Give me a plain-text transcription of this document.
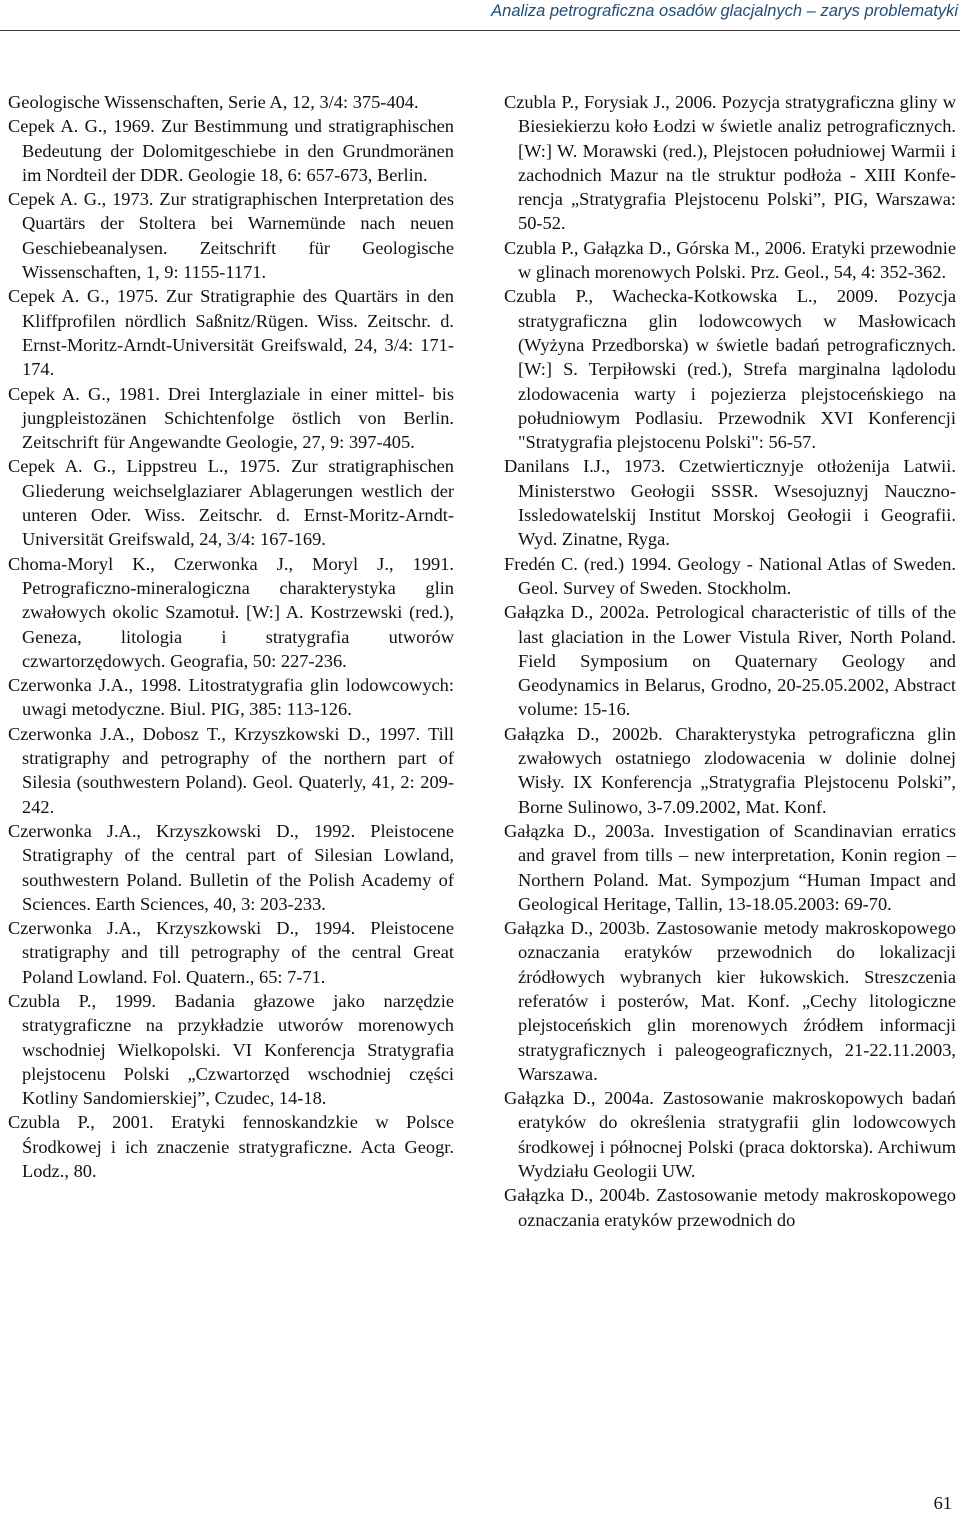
Analiza petrograficzna osadów glacjalnych – zarys problematyki

Geologische Wissenschaften, Serie A, 12, 3/4: 375-404.

Cepek A. G., 1969. Zur Bestimmung und stratigraphischen Bedeutung der Dolomitgeschiebe in den Grundmoränen im Nordteil der DDR. Geologie 18, 6: 657-673, Berlin.

Cepek A. G., 1973. Zur stratigraphischen Interpretation des Quartärs der Stoltera bei Warnemünde nach neuen Geschiebeanalysen. Zeitschrift für Geologische Wissenschaften, 1, 9: 1155-1171.

Cepek A. G., 1975. Zur Stratigraphie des Quartärs in den Kliffprofilen nördlich Saßnitz/Rügen. Wiss. Zeitschr. d. Ernst-Moritz-Arndt-Universität Greifswald, 24, 3/4: 171-174.

Cepek A. G., 1981. Drei Interglaziale in einer mittel- bis jungpleistozänen Schichtenfolge östlich von Berlin. Zeitschrift für Angewandte Geologie, 27, 9: 397-405.

Cepek A. G., Lippstreu L., 1975. Zur stratigraphischen Gliederung weichselglaziarer Ablagerungen westlich der unteren Oder. Wiss. Zeitschr. d. Ernst-Moritz-Arndt-Universität Greifswald, 24, 3/4: 167-169.

Choma-Moryl K., Czerwonka J., Moryl J., 1991. Petrograficzno-mineralogiczna charakterystyka glin zwałowych okolic Szamotuł. [W:] A. Kostrzewski (red.), Geneza, litologia i stratygrafia utworów czwartorzędowych. Geografia, 50: 227-236.

Czerwonka J.A., 1998. Litostratygrafia glin lodowcowych: uwagi metodyczne. Biul. PIG, 385: 113-126.

Czerwonka J.A., Dobosz T., Krzyszkowski D., 1997. Till stratigraphy and petrography of the northern part of Silesia (southwestern Poland). Geol. Quaterly, 41, 2: 209-242.

Czerwonka J.A., Krzyszkowski D., 1992. Pleistocene Stratigraphy of the central part of Silesian Lowland, southwestern Poland. Bulletin of the Polish Academy of Sciences. Earth Sciences, 40, 3: 203-233.

Czerwonka J.A., Krzyszkowski D., 1994. Pleistocene stratigraphy and till petrography of the central Great Poland Lowland. Fol. Quatern., 65: 7-71.

Czubla P., 1999. Badania głazowe jako narzędzie stratygraficzne na przykładzie utworów morenowych wschodniej Wielkopolski. VI Konferencja Stratygrafia plejstocenu Polski „Czwartorzęd wschodniej części Kotliny Sandomierskiej”, Czudec, 14-18.

Czubla P., 2001. Eratyki fennoskandzkie w Polsce Środkowej i ich znaczenie stratygraficzne. Acta Geogr. Lodz., 80.

Czubla P., Forysiak J., 2006. Pozycja stratygraficzna gliny w Biesiekierzu koło Łodzi w świetle analiz petrograficznych. [W:] W. Morawski (red.), Plejstocen południowej Warmii i zachodnich Mazur na tle struktur podłoża - XIII Konferencja „Stratygrafia Plejstocenu Polski”, PIG, Warszawa: 50-52.

Czubla P., Gałązka D., Górska M., 2006. Eratyki przewodnie w glinach morenowych Polski. Prz. Geol., 54, 4: 352-362.

Czubla P., Wachecka-Kotkowska L., 2009. Pozycja stratygraficzna glin lodowcowych w Masłowicach (Wyżyna Przedborska) w świetle badań petrograficznych. [W:] S. Terpiłowski (red.), Strefa marginalna lądolodu zlodowacenia warty i pojezierza plejstoceńskiego na południowym Podlasiu. Przewodnik XVI Konferencji "Stratygrafia plejstocenu Polski": 56-57.

Danilans I.J., 1973. Czetwierticznyje otłożenija Latwii. Ministerstwo Geołogii SSSR. Wsesojuznyj Nauczno-Issledowatelskij Institut Morskoj Geołogii i Geografii. Wyd. Zinatne, Ryga.

Fredén C. (red.) 1994. Geology - National Atlas of Sweden. Geol. Survey of Sweden. Stockholm.

Gałązka D., 2002a. Petrological characteristic of tills of the last glaciation in the Lower Vistula River, North Poland. Field Symposium on Quaternary Geology and Geodynamics in Belarus, Grodno, 20-25.05.2002, Abstract volume: 15-16.

Gałązka D., 2002b. Charakterystyka petrograficzna glin zwałowych ostatniego zlodowacenia w dolinie dolnej Wisły. IX Konferencja „Stratygrafia Plejstocenu Polski”, Borne Sulinowo, 3-7.09.2002, Mat. Konf.

Gałązka D., 2003a. Investigation of Scandinavian erratics and gravel from tills – new interpretation, Konin region – Northern Poland. Mat. Sympozjum “Human Impact and Geological Heritage, Tallin, 13-18.05.2003: 69-70.

Gałązka D., 2003b. Zastosowanie metody makroskopowego oznaczania eratyków przewodnich do lokalizacji źródłowych wybranych kier łukowskich. Streszczenia referatów i posterów, Mat. Konf. „Cechy litologiczne plejstoceńskich glin morenowych źródłem informacji stratygraficznych i paleogeograficznych, 21-22.11.2003, Warszawa.

Gałązka D., 2004a. Zastosowanie makroskopowych badań eratyków do określenia stratygrafii glin lodowcowych środkowej i północnej Polski (praca doktorska). Archiwum Wydziału Geologii UW.

Gałązka D., 2004b. Zastosowanie metody makroskopowego oznaczania eratyków przewodnich do

61
